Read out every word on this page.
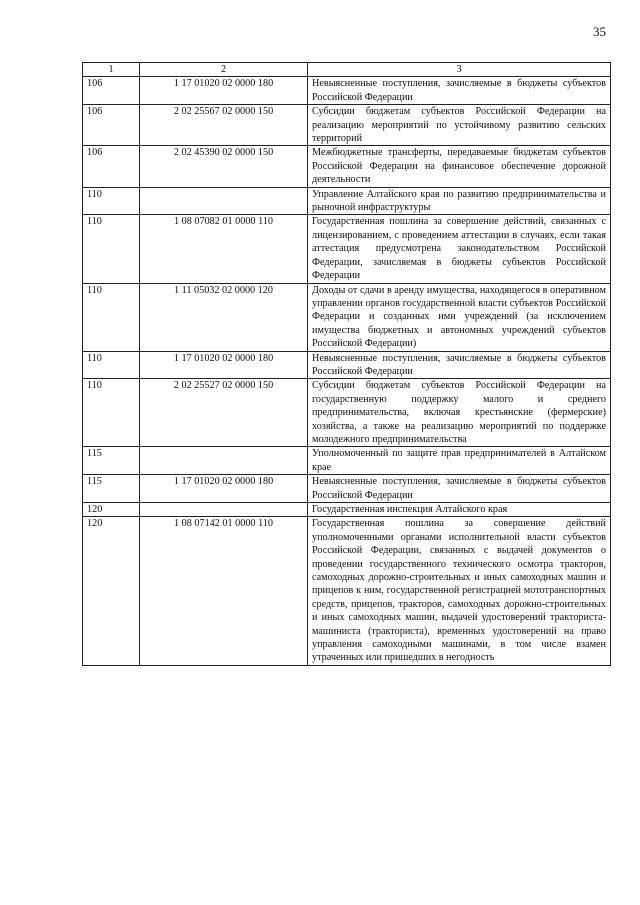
35
1	2	3
106	1 17 01020 02 0000 180	Невыясненные поступления, зачисляемые в бюджеты субъектов Российской Федерации
106	2 02 25567 02 0000 150	Субсидии бюджетам субъектов Российской Федерации на реализацию мероприятий по устойчивому развитию сельских территорий
106	2 02 45390 02 0000 150	Межбюджетные трансферты, передаваемые бюджетам субъектов Российской Федерации на финансовое обеспечение дорожной деятельности
110		Управление Алтайского края по развитию предпринимательства и рыночной инфраструктуры
110	1 08 07082 01 0000 110	Государственная пошлина за совершение действий, связанных с лицензированием, с проведением аттестации в случаях, если такая аттестация предусмотрена законодательством Российской Федерации, зачисляемая в бюджеты субъектов Российской Федерации
110	1 11 05032 02 0000 120	Доходы от сдачи в аренду имущества, находящегося в оперативном управлении органов государственной власти субъектов Российской Федерации и созданных ими учреждений (за исключением имущества бюджетных и автономных учреждений субъектов Российской Федерации)
110	1 17 01020 02 0000 180	Невыясненные поступления, зачисляемые в бюджеты субъектов Российской Федерации
110	2 02 25527 02 0000 150	Субсидии бюджетам субъектов Российской Федерации на государственную поддержку малого и среднего предпринимательства, включая крестьянские (фермерские) хозяйства, а также на реализацию мероприятий по поддержке молодежного предпринимательства
115		Уполномоченный по защите прав предпринимателей в Алтайском крае
115	1 17 01020 02 0000 180	Невыясненные поступления, зачисляемые в бюджеты субъектов Российской Федерации
120		Государственная инспекция Алтайского края
120	1 08 07142 01 0000 110	Государственная пошлина за совершение действий уполномоченными органами исполнительной власти субъектов Российской Федерации, связанных с выдачей документов о проведении государственного технического осмотра тракторов, самоходных дорожно-строительных и иных самоходных машин и прицепов к ним, государственной регистрацией мототранспортных средств, прицепов, тракторов, самоходных дорожно-строительных и иных самоходных машин, выдачей удостоверений тракториста-машиниста (тракториста), временных удостоверений на право управления самоходными машинами, в том числе взамен утраченных или пришедших в негодность
